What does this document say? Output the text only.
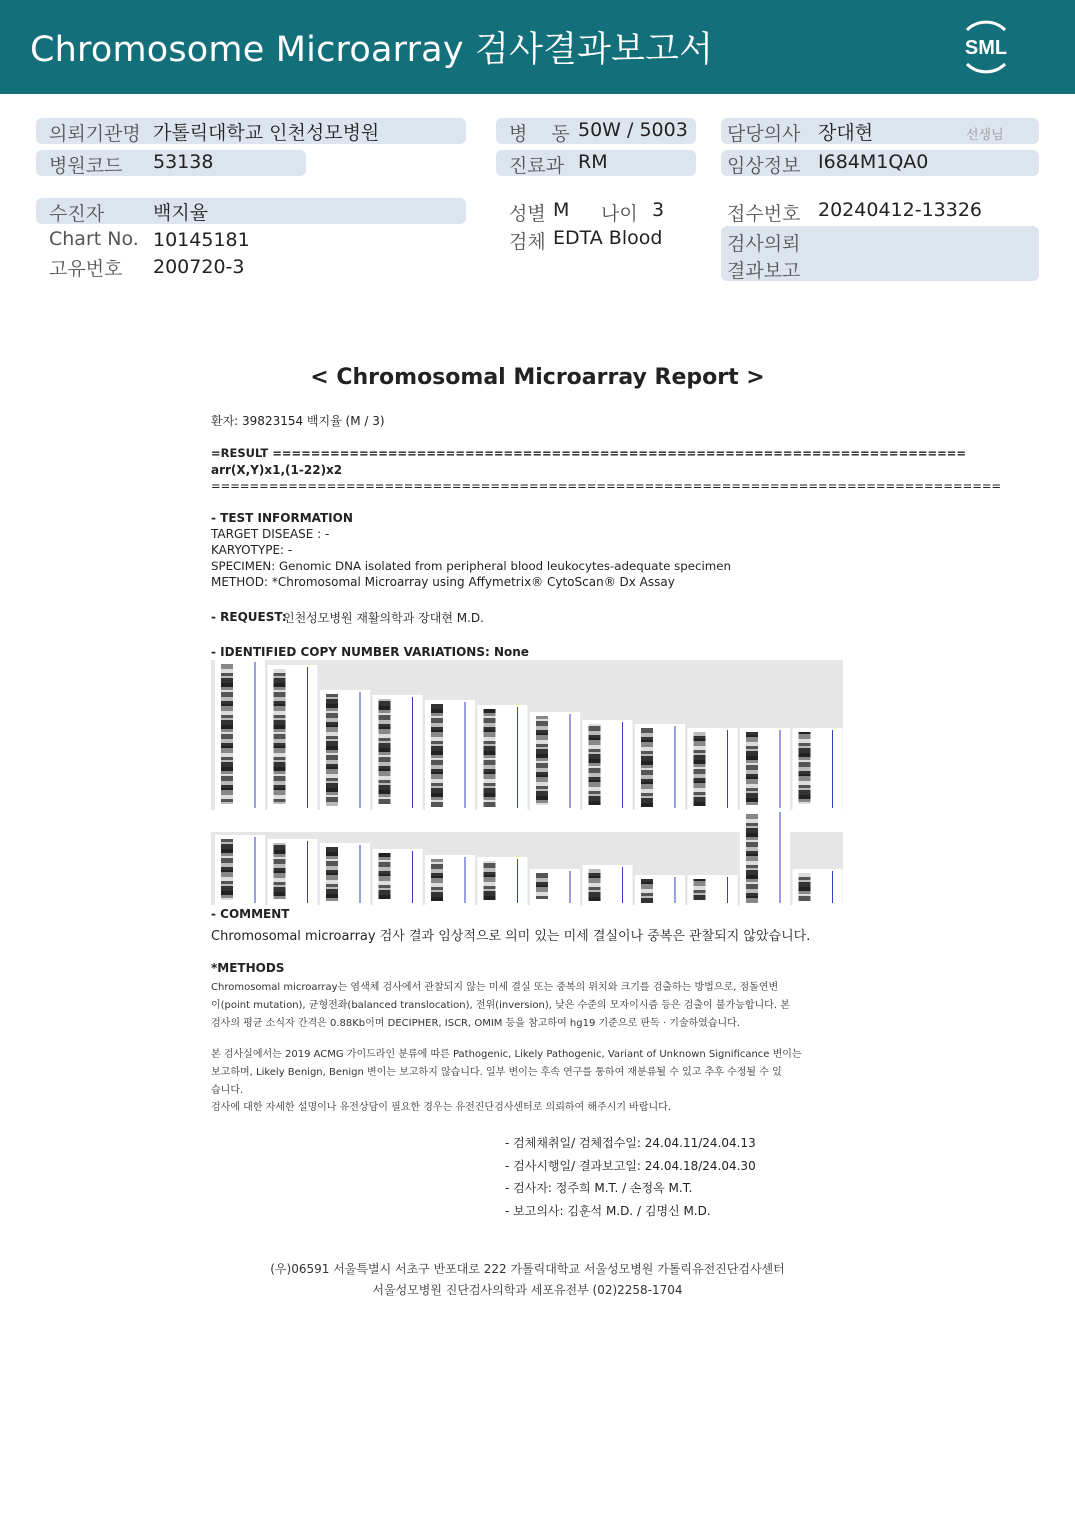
Chromosome Microarray 검사결과보고서	SML
의뢰기관명 가톨릭대학교 인천성모병원
병원코드 53138
병    동 50W / 5003
진료과 RM
담당의사 장대현	선생님
임상정보 I684M1QA0
수진자	백지율
Chart No. 10145181
고유번호 200720-3
성별 M 나이 3
검체 EDTA Blood
접수번호 20240412-13326
검사의뢰
결과보고
< Chromosomal Microarray Report >
환자: 39823154 백지율 (M / 3)
=RESULT ========================================================================
arr(X,Y)x1,(1-22)x2
==================================================================================
- TEST INFORMATION
TARGET DISEASE : -
KARYOTYPE: -
SPECIMEN: Genomic DNA isolated from peripheral blood leukocytes-adequate specimen
METHOD: *Chromosomal Microarray using Affymetrix® CytoScan® Dx Assay
- REQUEST:
인천성모병원 재활의학과 장대현 M.D.
- IDENTIFIED COPY NUMBER VARIATIONS: None
- COMMENT
Chromosomal microarray 검사 결과 임상적으로 의미 있는 미세 결실이나 중복은 관찰되지 않았습니다.
*METHODS
Chromosomal microarray는 염색체 검사에서 관찰되지 않는 미세 결실 또는 중복의 위치와 크기를 검출하는 방법으로, 점돌연변
이(point mutation), 균형전좌(balanced translocation), 전위(inversion), 낮은 수준의 모자이시즘 등은 검출이 불가능합니다. 본
검사의 평균 소식자 간격은 0.88Kb이며 DECIPHER, ISCR, OMIM 등을 참고하여 hg19 기준으로 판독 · 기술하였습니다.
본 검사실에서는 2019 ACMG 가이드라인 분류에 따른 Pathogenic, Likely Pathogenic, Variant of Unknown Significance 변이는
보고하며, Likely Benign, Benign 변이는 보고하지 않습니다. 일부 변이는 후속 연구를 통하여 재분류될 수 있고 추후 수정될 수 있
습니다.
검사에 대한 자세한 설명이나 유전상담이 필요한 경우는 유전진단검사센터로 의뢰하여 해주시기 바랍니다.
- 검체채취일/ 검체접수일: 24.04.11/24.04.13
- 검사시행일/ 결과보고일: 24.04.18/24.04.30
- 검사자: 정주희 M.T. / 손정옥 M.T.
- 보고의사: 김훈석 M.D. / 김명신 M.D.
(우)06591 서울특별시 서초구 반포대로 222 가톨릭대학교 서울성모병원 가톨릭유전진단검사센터
서울성모병원 진단검사의학과 세포유전부 (02)2258-1704
